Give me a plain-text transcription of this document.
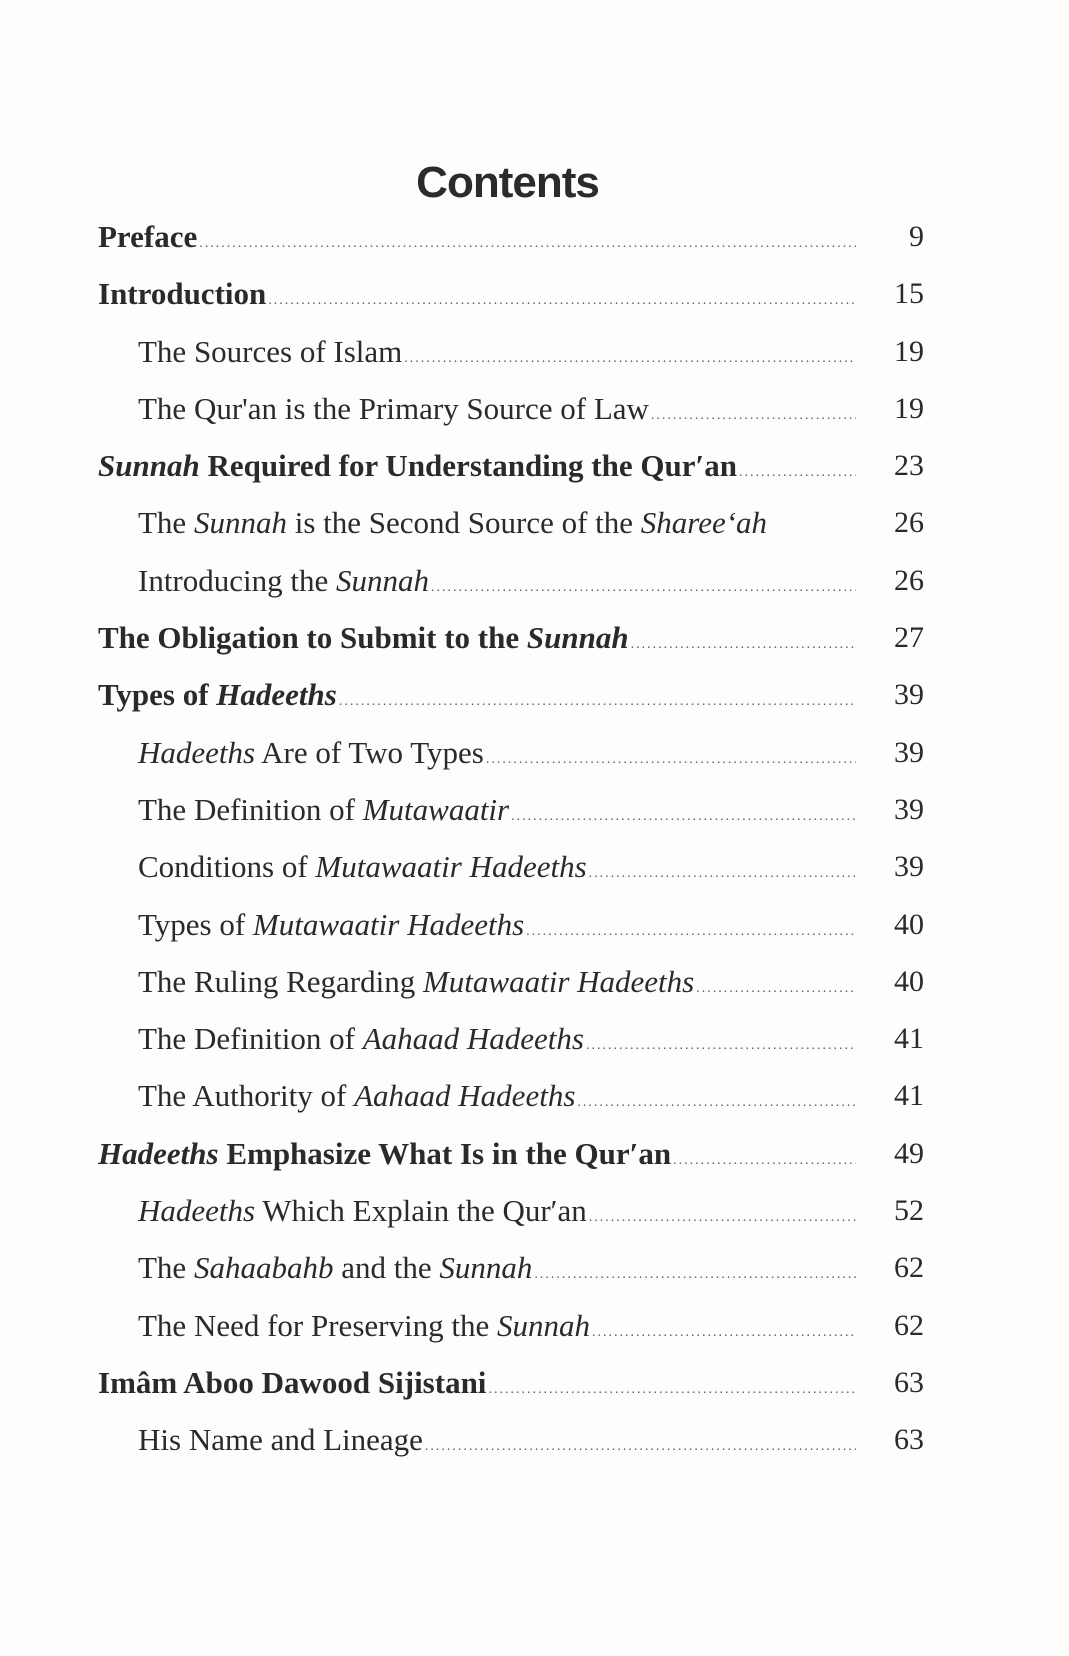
Contents
Preface .....	9
Introduction .....	15
The Sources of Islam .....	19
The Qur'an is the Primary Source of Law .....	19
Sunnah Required for Understanding the Qur′an .....	23
The Sunnah is the Second Source of the Sharee‘ah	26
Introducing the Sunnah .....	26
The Obligation to Submit to the Sunnah .....	27
Types of Hadeeths .....	39
Hadeeths Are of Two Types .....	39
The Definition of Mutawaatir .....	39
Conditions of Mutawaatir Hadeeths .....	39
Types of Mutawaatir Hadeeths .....	40
The Ruling Regarding Mutawaatir Hadeeths .....	40
The Definition of Aahaad Hadeeths .....	41
The Authority of Aahaad Hadeeths .....	41
Hadeeths Emphasize What Is in the Qur′an .....	49
Hadeeths Which Explain the Qur′an .....	52
The Sahaabahb and the Sunnah .....	62
The Need for Preserving the Sunnah .....	62
Imâm Aboo Dawood Sijistani .....	63
His Name and Lineage .....	63
